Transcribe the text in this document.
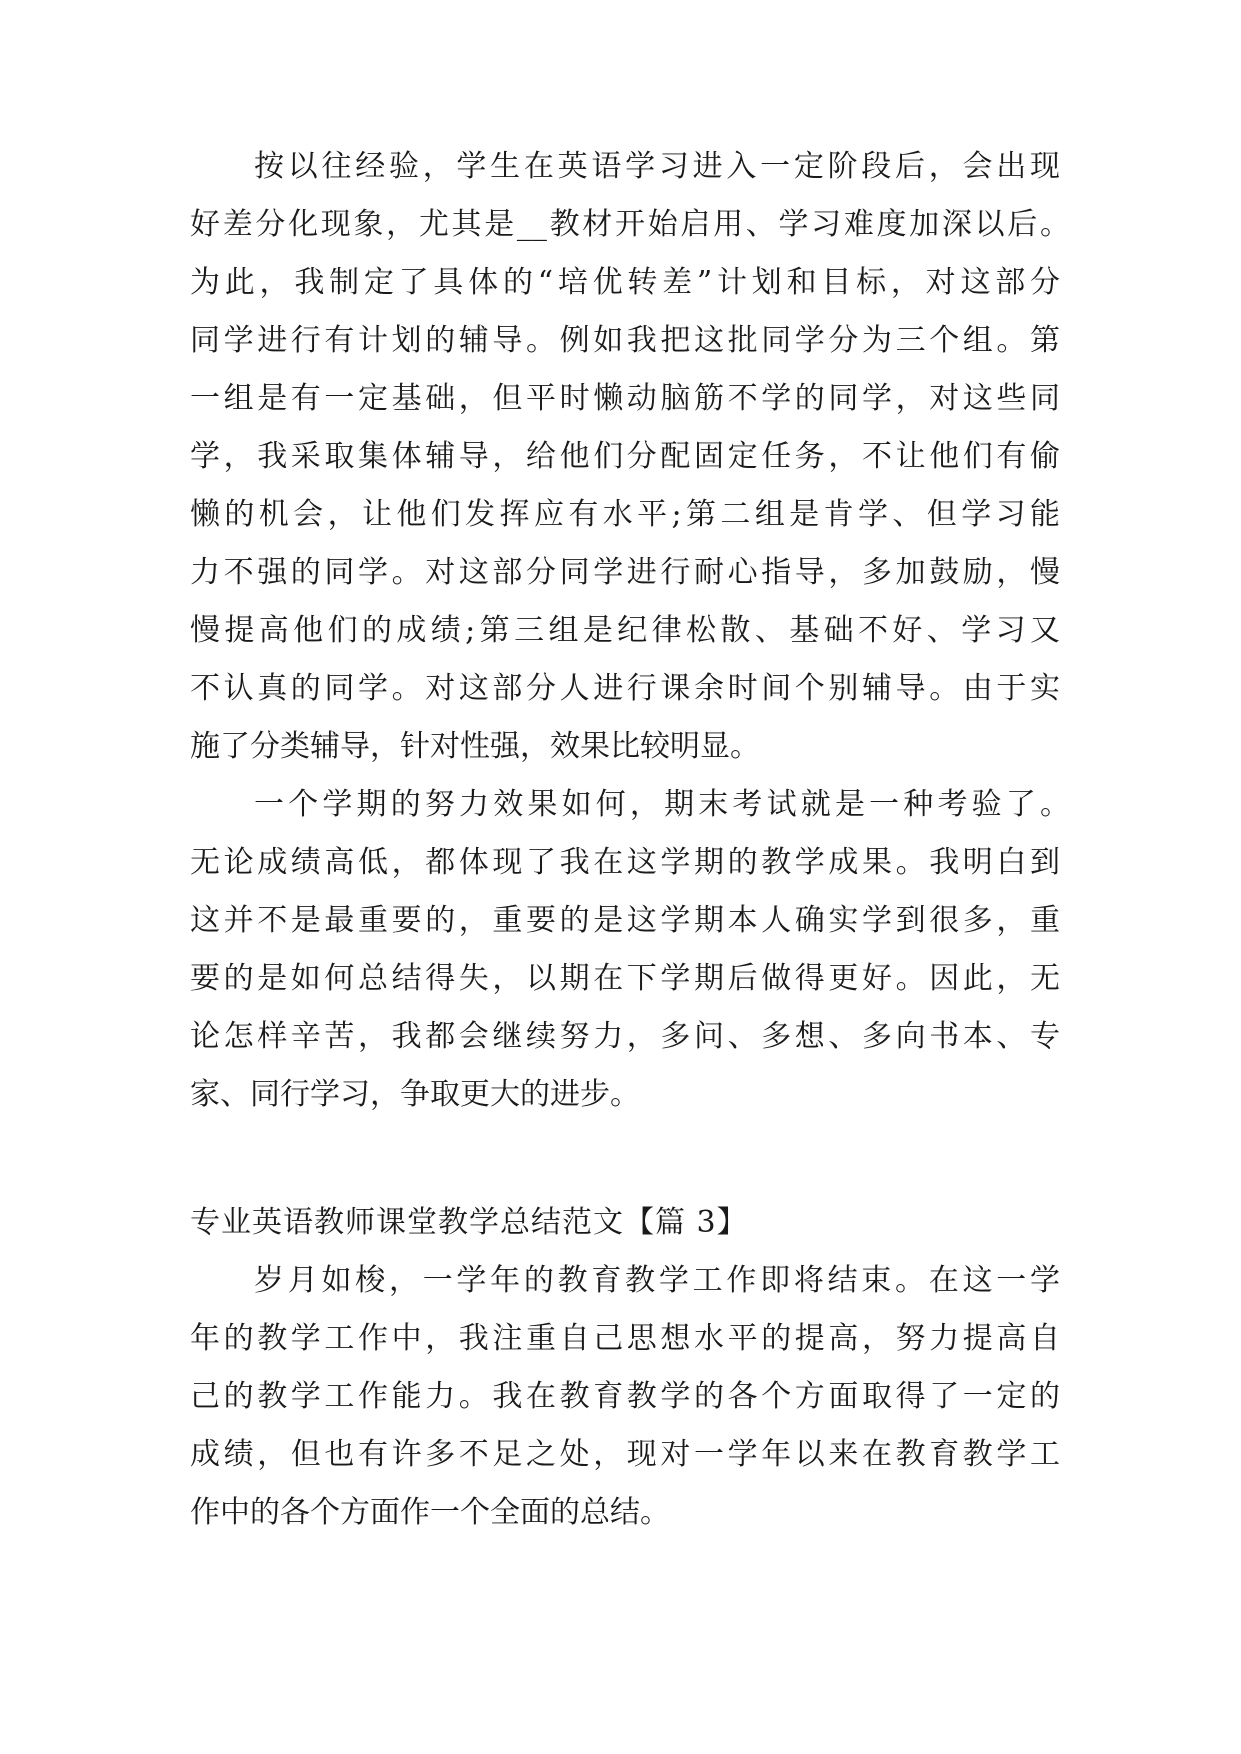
按以往经验，学生在英语学习进入一定阶段后，会出现
好差分化现象，尤其是__教材开始启用、学习难度加深以后。
为此，我制定了具体的“培优转差”计划和目标，对这部分
同学进行有计划的辅导。例如我把这批同学分为三个组。第
一组是有一定基础，但平时懒动脑筋不学的同学，对这些同
学，我采取集体辅导，给他们分配固定任务，不让他们有偷
懒的机会，让他们发挥应有水平;第二组是肯学、但学习能
力不强的同学。对这部分同学进行耐心指导，多加鼓励，慢
慢提高他们的成绩;第三组是纪律松散、基础不好、学习又
不认真的同学。对这部分人进行课余时间个别辅导。由于实
施了分类辅导，针对性强，效果比较明显。
一个学期的努力效果如何，期末考试就是一种考验了。
无论成绩高低，都体现了我在这学期的教学成果。我明白到
这并不是最重要的，重要的是这学期本人确实学到很多，重
要的是如何总结得失，以期在下学期后做得更好。因此，无
论怎样辛苦，我都会继续努力，多问、多想、多向书本、专
家、同行学习，争取更大的进步。
专业英语教师课堂教学总结范文【篇 3】
岁月如梭，一学年的教育教学工作即将结束。在这一学
年的教学工作中，我注重自己思想水平的提高，努力提高自
己的教学工作能力。我在教育教学的各个方面取得了一定的
成绩，但也有许多不足之处，现对一学年以来在教育教学工
作中的各个方面作一个全面的总结。
